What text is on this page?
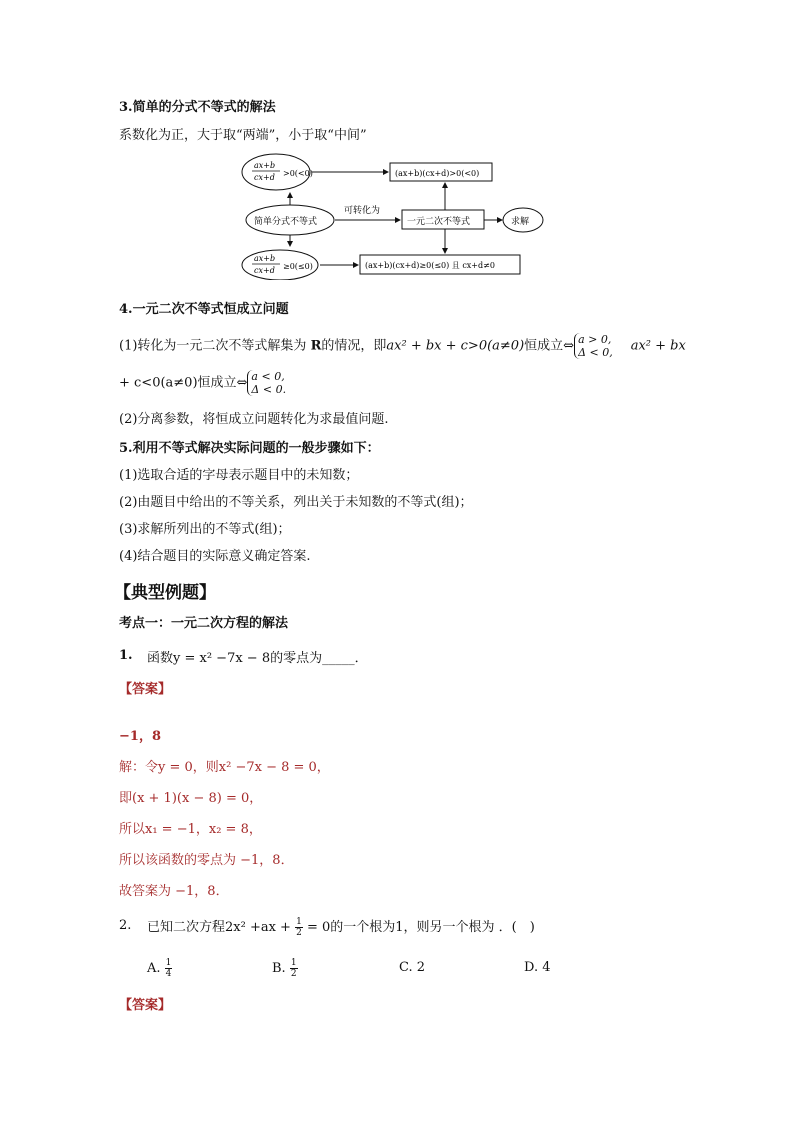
3.简单的分式不等式的解法
系数化为正，大于取“两端”，小于取“中间”
ax+b
cx+d >0(<0)	(ax+b)(cx+d)>0(<0)
简单分式不等式
可转化为
一元二次不等式	求解
ax+b
cx+d ≥0(≤0)	(ax+b)(cx+d)≥0(≤0) 且 cx+d≠0
4.一元二次不等式恒成立问题
(1)转化为一元二次不等式解集为 R的情况，即ax² + bx + c>0(a≠0)恒成立⇔ a > 0,
Δ < 0, ax² + bx
+ c<0(a≠0)恒成立⇔ a < 0,
Δ < 0.
(2)分离参数，将恒成立问题转化为求最值问题.
5.利用不等式解决实际问题的一般步骤如下：
(1)选取合适的字母表示题目中的未知数；
(2)由题目中给出的不等关系，列出关于未知数的不等式(组)；
(3)求解所列出的不等式(组)；
(4)结合题目的实际意义确定答案.
【典型例题】
考点一：一元二次方程的解法
1. 函数y = x² −7x − 8的零点为_____．
【答案】
−1，8
解：令y = 0，则x² −7x − 8 = 0，
即(x + 1)(x − 8) = 0，
所以x₁ = −1，x₂ = 8，
所以该函数的零点为 −1，8．
故答案为 −1，8．
2. 已知二次方程$2x^2 +ax + \frac{1}{2} = 0$的一个根为1，则另一个根为 ．(　)
A. $\frac{1}{4}$	B. $\frac{1}{2}$	C. 2	D. 4
【答案】
